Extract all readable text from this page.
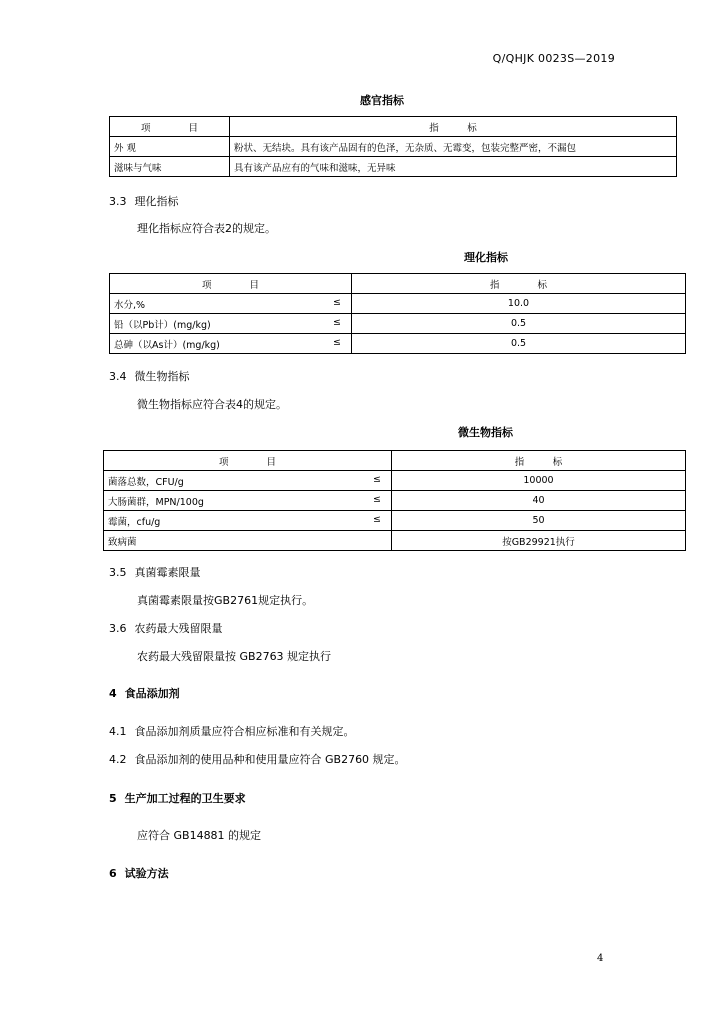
Q/QHJK 0023S—2019
感官指标
项　　　　目	指　　　标
外 观	粉状、无结块。具有该产品固有的色泽，无杂质、无霉变，包装完整严密，不漏包
滋味与气味	具有该产品应有的气味和滋味，无异味
3.3 理化指标
理化指标应符合表2的规定。
理化指标
项　　　　目	指　　　　标
水分,% ≤	10.0
铅（以Pb计）(mg/kg) ≤	0.5
总砷（以As计）(mg/kg) ≤	0.5
3.4 微生物指标
微生物指标应符合表4的规定。
微生物指标
项　　　　目	指　　　标
菌落总数，CFU/g ≤	10000
大肠菌群，MPN/100g ≤	40
霉菌，cfu/g ≤	50
致病菌	按GB29921执行
3.5 真菌霉素限量
真菌霉素限量按GB2761规定执行。
3.6 农药最大残留限量
农药最大残留限量按 GB2763 规定执行
4 食品添加剂
4.1 食品添加剂质量应符合相应标准和有关规定。
4.2 食品添加剂的使用品种和使用量应符合 GB2760 规定。
5 生产加工过程的卫生要求
应符合 GB14881 的规定
6 试验方法
4
